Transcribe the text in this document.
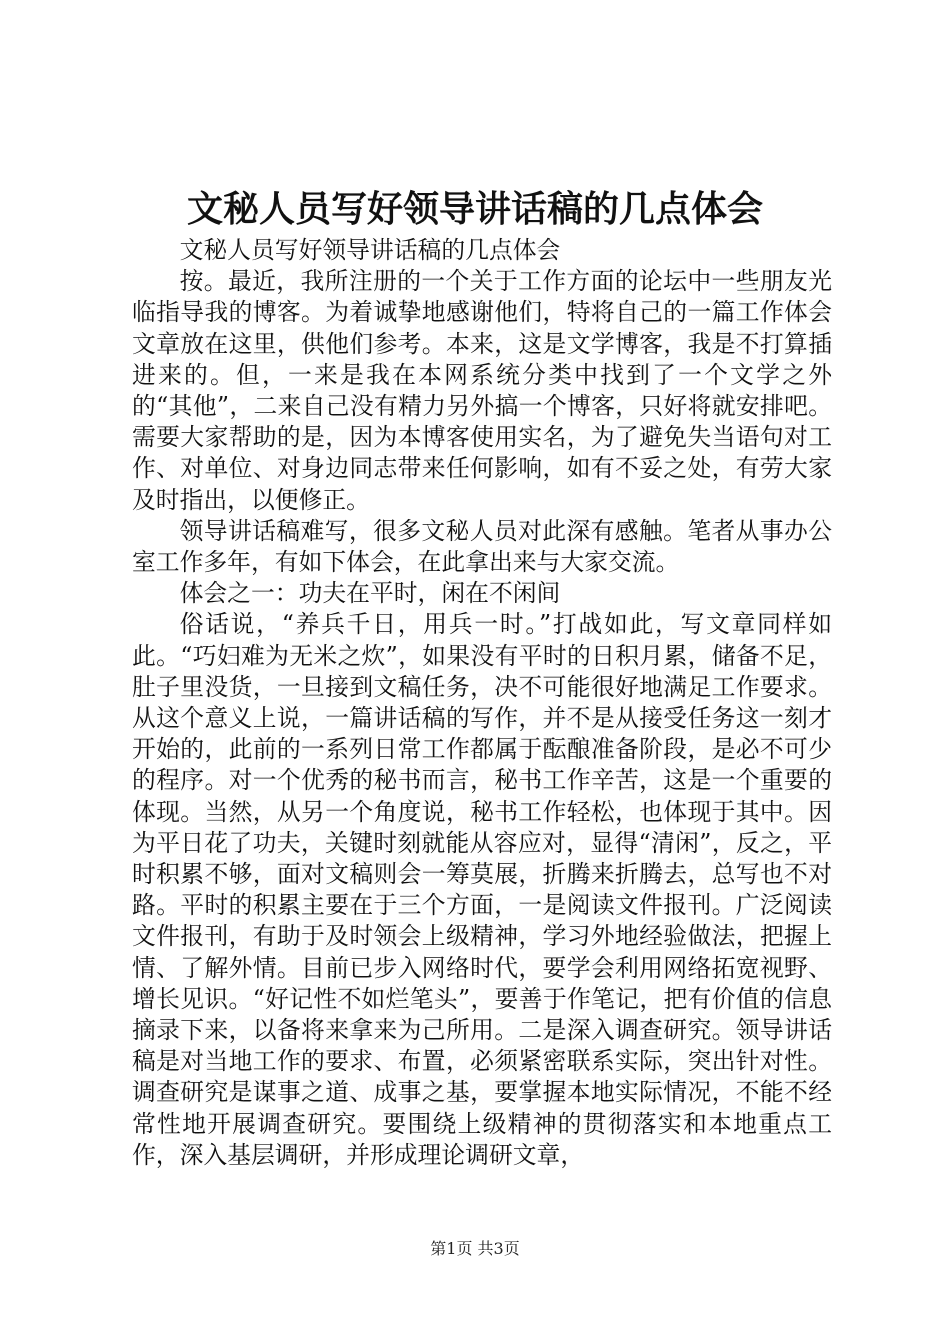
文秘人员写好领导讲话稿的几点体会

文秘人员写好领导讲话稿的几点体会

按。最近，我所注册的一个关于工作方面的论坛中一些朋友光临指导我的博客。为着诚挚地感谢他们，特将自己的一篇工作体会文章放在这里，供他们参考。本来，这是文学博客，我是不打算插进来的。但，一来是我在本网系统分类中找到了一个文学之外的“其他”，二来自己没有精力另外搞一个博客，只好将就安排吧。需要大家帮助的是，因为本博客使用实名，为了避免失当语句对工作、对单位、对身边同志带来任何影响，如有不妥之处，有劳大家及时指出，以便修正。

领导讲话稿难写，很多文秘人员对此深有感触。笔者从事办公室工作多年，有如下体会，在此拿出来与大家交流。

体会之一：功夫在平时，闲在不闲间

俗话说，“养兵千日，用兵一时。”打战如此，写文章同样如此。“巧妇难为无米之炊”，如果没有平时的日积月累，储备不足，肚子里没货，一旦接到文稿任务，决不可能很好地满足工作要求。从这个意义上说，一篇讲话稿的写作，并不是从接受任务这一刻才开始的，此前的一系列日常工作都属于酝酿准备阶段，是必不可少的程序。对一个优秀的秘书而言，秘书工作辛苦，这是一个重要的体现。当然，从另一个角度说，秘书工作轻松，也体现于其中。因为平日花了功夫，关键时刻就能从容应对，显得“清闲”，反之，平时积累不够，面对文稿则会一筹莫展，折腾来折腾去，总写也不对路。平时的积累主要在于三个方面，一是阅读文件报刊。广泛阅读文件报刊，有助于及时领会上级精神，学习外地经验做法，把握上情、了解外情。目前已步入网络时代，要学会利用网络拓宽视野、增长见识。“好记性不如烂笔头”，要善于作笔记，把有价值的信息摘录下来，以备将来拿来为己所用。二是深入调查研究。领导讲话稿是对当地工作的要求、布置，必须紧密联系实际，突出针对性。调查研究是谋事之道、成事之基，要掌握本地实际情况，不能不经常性地开展调查研究。要围绕上级精神的贯彻落实和本地重点工作，深入基层调研，并形成理论调研文章，

第1页 共3页
